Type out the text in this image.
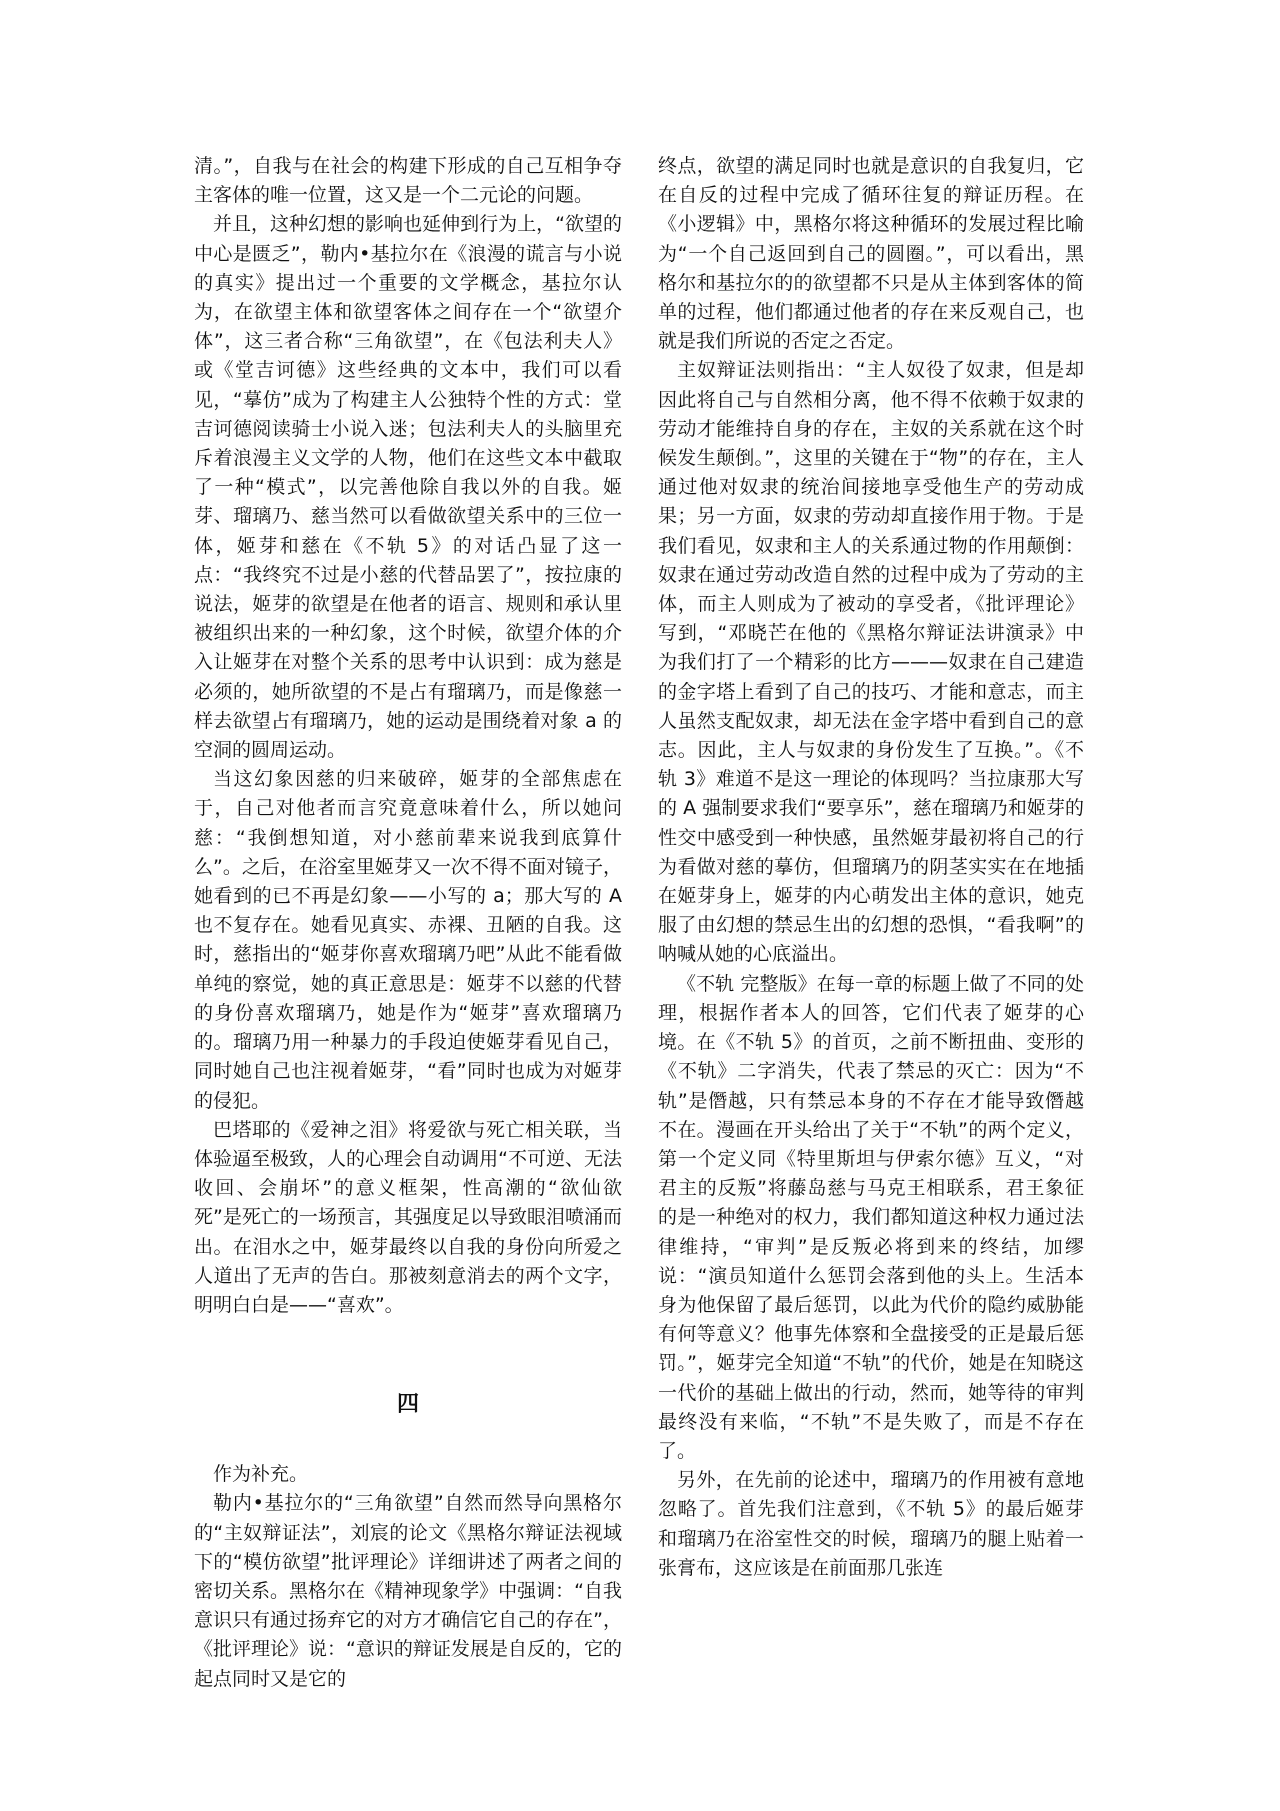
清。”，自我与在社会的构建下形成的自己互相争夺主客体的唯一位置，这又是一个二元论的问题。

并且，这种幻想的影响也延伸到行为上，“欲望的中心是匮乏”，勒内•基拉尔在《浪漫的谎言与小说的真实》提出过一个重要的文学概念，基拉尔认为，在欲望主体和欲望客体之间存在一个“欲望介体”，这三者合称“三角欲望”，在《包法利夫人》或《堂吉诃德》这些经典的文本中，我们可以看见，“摹仿”成为了构建主人公独特个性的方式：堂吉诃德阅读骑士小说入迷；包法利夫人的头脑里充斥着浪漫主义文学的人物，他们在这些文本中截取了一种“模式”，以完善他除自我以外的自我。姬芽、瑠璃乃、慈当然可以看做欲望关系中的三位一体，姬芽和慈在《不轨 5》的对话凸显了这一点：“我终究不过是小慈的代替品罢了”，按拉康的说法，姬芽的欲望是在他者的语言、规则和承认里被组织出来的一种幻象，这个时候，欲望介体的介入让姬芽在对整个关系的思考中认识到：成为慈是必须的，她所欲望的不是占有瑠璃乃，而是像慈一样去欲望占有瑠璃乃，她的运动是围绕着对象 a 的空洞的圆周运动。

当这幻象因慈的归来破碎，姬芽的全部焦虑在于，自己对他者而言究竟意味着什么，所以她问慈：“我倒想知道，对小慈前辈来说我到底算什么”。之后，在浴室里姬芽又一次不得不面对镜子，她看到的已不再是幻象——小写的 a；那大写的 A 也不复存在。她看见真实、赤裸、丑陋的自我。这时，慈指出的“姬芽你喜欢瑠璃乃吧”从此不能看做单纯的察觉，她的真正意思是：姬芽不以慈的代替的身份喜欢瑠璃乃，她是作为“姬芽”喜欢瑠璃乃的。瑠璃乃用一种暴力的手段迫使姬芽看见自己，同时她自己也注视着姬芽，“看”同时也成为对姬芽的侵犯。

巴塔耶的《爱神之泪》将爱欲与死亡相关联，当体验逼至极致，人的心理会自动调用“不可逆、无法收回、会崩坏”的意义框架，性高潮的“欲仙欲死”是死亡的一场预言，其强度足以导致眼泪喷涌而出。在泪水之中，姬芽最终以自我的身份向所爱之人道出了无声的告白。那被刻意消去的两个文字，明明白白是——“喜欢”。

四

作为补充。

勒内•基拉尔的“三角欲望”自然而然导向黑格尔的“主奴辩证法”，刘宸的论文《黑格尔辩证法视域下的“模仿欲望”批评理论》详细讲述了两者之间的密切关系。黑格尔在《精神现象学》中强调：“自我意识只有通过扬弃它的对方才确信它自己的存在”，《批评理论》说：“意识的辩证发展是自反的，它的起点同时又是它的

终点，欲望的满足同时也就是意识的自我复归，它在自反的过程中完成了循环往复的辩证历程。在《小逻辑》中，黑格尔将这种循环的发展过程比喻为“一个自己返回到自己的圆圈。”，可以看出，黑格尔和基拉尔的的欲望都不只是从主体到客体的简单的过程，他们都通过他者的存在来反观自己，也就是我们所说的否定之否定。

主奴辩证法则指出：“主人奴役了奴隶，但是却因此将自己与自然相分离，他不得不依赖于奴隶的劳动才能维持自身的存在，主奴的关系就在这个时候发生颠倒。”，这里的关键在于“物”的存在，主人通过他对奴隶的统治间接地享受他生产的劳动成果；另一方面，奴隶的劳动却直接作用于物。于是我们看见，奴隶和主人的关系通过物的作用颠倒：奴隶在通过劳动改造自然的过程中成为了劳动的主体，而主人则成为了被动的享受者，《批评理论》写到，“邓晓芒在他的《黑格尔辩证法讲演录》中为我们打了一个精彩的比方———奴隶在自己建造的金字塔上看到了自己的技巧、才能和意志，而主人虽然支配奴隶，却无法在金字塔中看到自己的意志。因此，主人与奴隶的身份发生了互换。”。《不轨 3》难道不是这一理论的体现吗？当拉康那大写的 A 强制要求我们“要享乐”，慈在瑠璃乃和姬芽的性交中感受到一种快感，虽然姬芽最初将自己的行为看做对慈的摹仿，但瑠璃乃的阴茎实实在在地插在姬芽身上，姬芽的内心萌发出主体的意识，她克服了由幻想的禁忌生出的幻想的恐惧，“看我啊”的呐喊从她的心底溢出。

《不轨 完整版》在每一章的标题上做了不同的处理，根据作者本人的回答，它们代表了姬芽的心境。在《不轨 5》的首页，之前不断扭曲、变形的《不轨》二字消失，代表了禁忌的灭亡：因为“不轨”是僭越，只有禁忌本身的不存在才能导致僭越不在。漫画在开头给出了关于“不轨”的两个定义，第一个定义同《特里斯坦与伊索尔德》互义，“对君主的反叛”将藤岛慈与马克王相联系，君王象征的是一种绝对的权力，我们都知道这种权力通过法律维持，“审判”是反叛必将到来的终结，加缪说：“演员知道什么惩罚会落到他的头上。生活本身为他保留了最后惩罚，以此为代价的隐约威胁能有何等意义？他事先体察和全盘接受的正是最后惩罚。”，姬芽完全知道“不轨”的代价，她是在知晓这一代价的基础上做出的行动，然而，她等待的审判最终没有来临，“不轨”不是失败了，而是不存在了。

另外，在先前的论述中，瑠璃乃的作用被有意地忽略了。首先我们注意到，《不轨 5》的最后姬芽和瑠璃乃在浴室性交的时候，瑠璃乃的腿上贴着一张膏布，这应该是在前面那几张连
